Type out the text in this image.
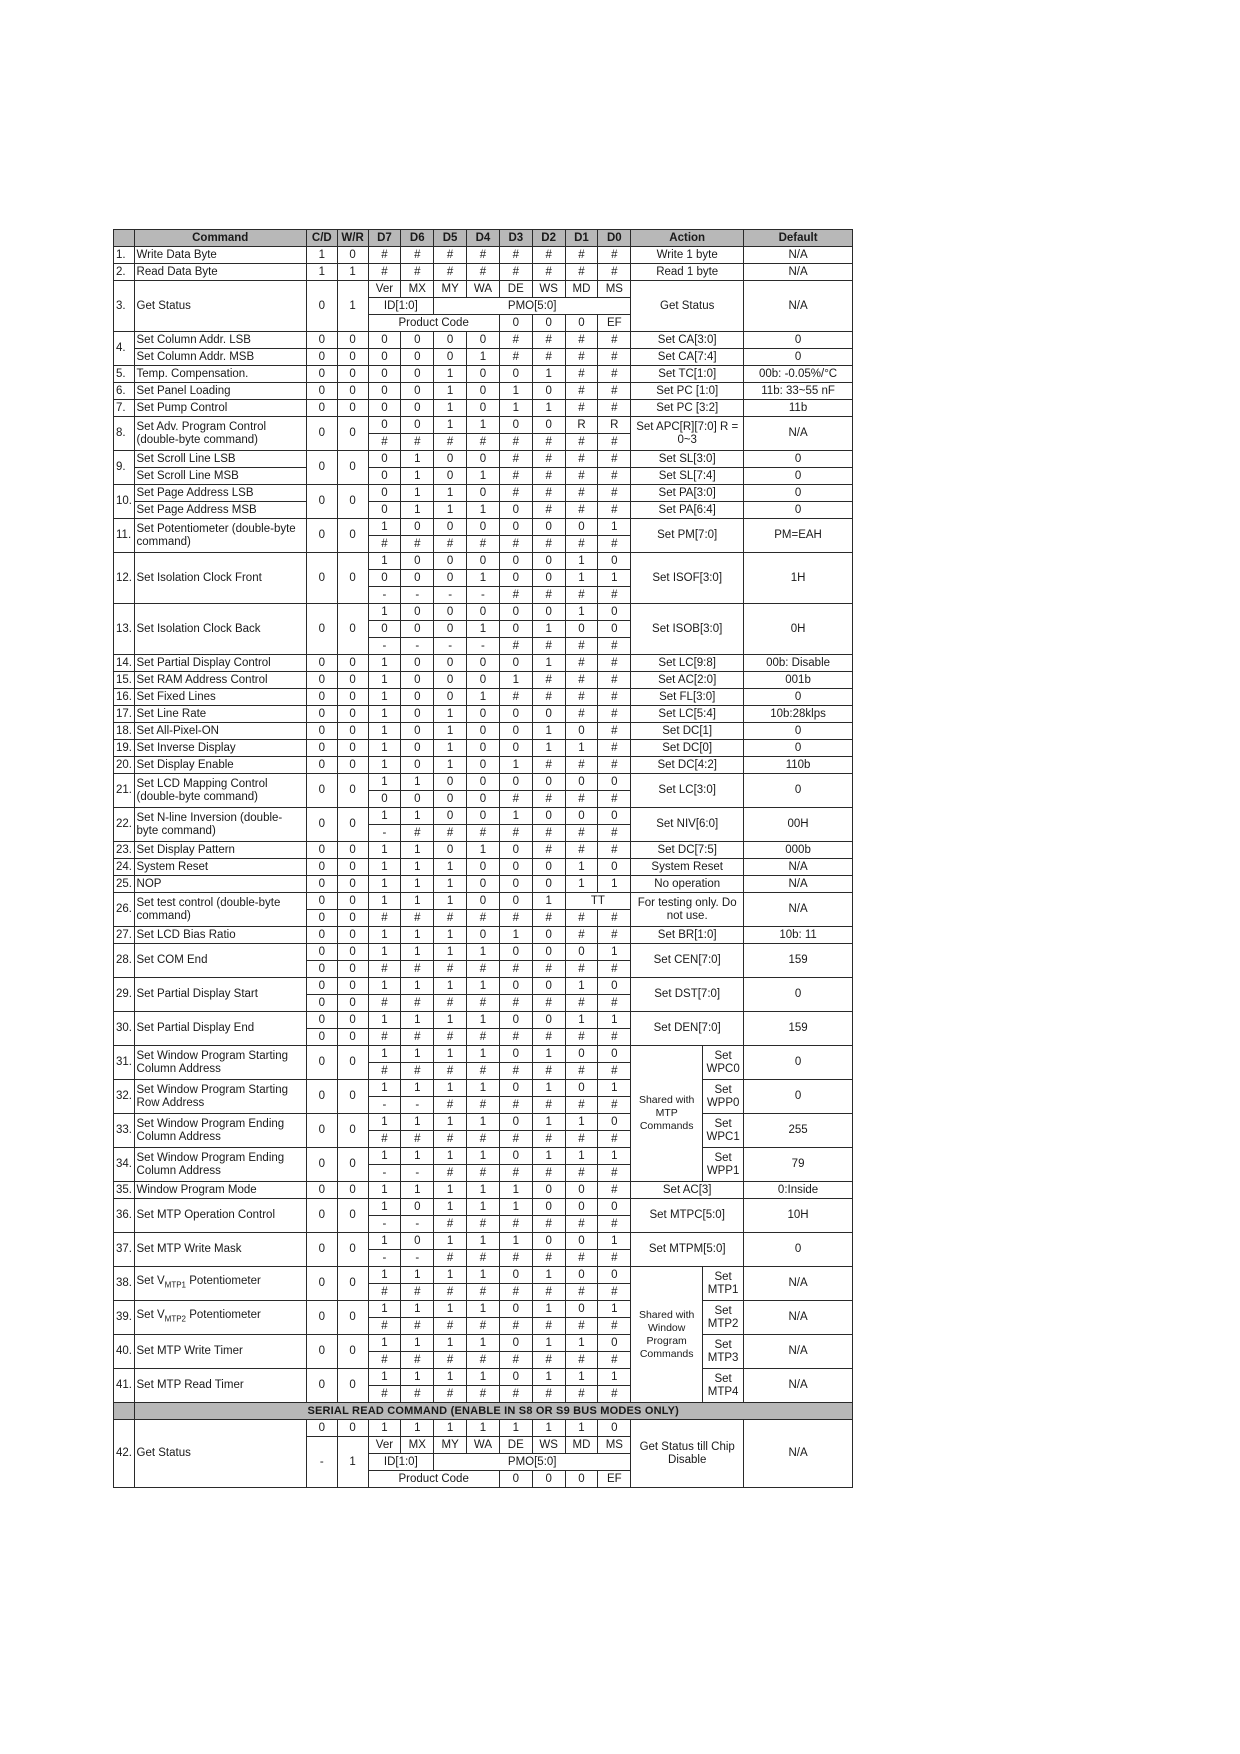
	Command	C/D	W/R	D7	D6	D5	D4	D3	D2	D1	D0	Action		Default
1.	Write Data Byte	1	0	#	#	#	#	#	#	#	#	Write 1 byte		N/A
2.	Read Data Byte	1	1	#	#	#	#	#	#	#	#	Read 1 byte		N/A
3.	Get Status	0	1	Ver	MX	MY	WA	DE	WS	MD	MS	Get Status		N/A
				ID[1:0]		PMO[5:0]								
				Product Code				0	0	0	EF			
4.	Set Column Addr. LSB	0	0	0	0	0	0	#	#	#	#	Set CA[3:0]		0
	Set Column Addr. MSB	0	0	0	0	0	1	#	#	#	#	Set CA[7:4]		0
5.	Temp. Compensation.	0	0	0	0	1	0	0	1	#	#	Set TC[1:0]		00b: -0.05%/°C
6.	Set Panel Loading	0	0	0	0	1	0	1	0	#	#	Set PC [1:0]		11b: 33~55 nF
7.	Set Pump Control	0	0	0	0	1	0	1	1	#	#	Set PC [3:2]		11b
8.	Set Adv. Program Control (double-byte command)	0	0	0	0	1	1	0	0	R	R	Set APC[R][7:0] R = 0~3		N/A
				#	#	#	#	#	#	#	#			
9.	Set Scroll Line LSB	0	0	0	1	0	0	#	#	#	#	Set SL[3:0]		0
	Set Scroll Line MSB			0	1	0	1	#	#	#	#	Set SL[7:4]		0
10.	Set Page Address LSB	0	0	0	1	1	0	#	#	#	#	Set PA[3:0]		0
	Set Page Address MSB			0	1	1	1	0	#	#	#	Set PA[6:4]		0
11.	Set Potentiometer (double-byte command)	0	0	1	0	0	0	0	0	0	1	Set PM[7:0]		PM=EAH
				#	#	#	#	#	#	#	#			
12.	Set Isolation Clock Front	0	0	1	0	0	0	0	0	1	0	Set ISOF[3:0]		1H
				0	0	0	1	0	0	1	1			
				-	-	-	-	#	#	#	#			
13.	Set Isolation Clock Back	0	0	1	0	0	0	0	0	1	0	Set ISOB[3:0]		0H
				0	0	0	1	0	1	0	0			
				-	-	-	-	#	#	#	#			
14.	Set Partial Display Control	0	0	1	0	0	0	0	1	#	#	Set LC[9:8]		00b: Disable
15.	Set RAM Address Control	0	0	1	0	0	0	1	#	#	#	Set AC[2:0]		001b
16.	Set Fixed Lines	0	0	1	0	0	1	#	#	#	#	Set FL[3:0]		0
17.	Set Line Rate	0	0	1	0	1	0	0	0	#	#	Set LC[5:4]		10b:28klps
18.	Set All-Pixel-ON	0	0	1	0	1	0	0	1	0	#	Set DC[1]		0
19.	Set Inverse Display	0	0	1	0	1	0	0	1	1	#	Set DC[0]		0
20.	Set Display Enable	0	0	1	0	1	0	1	#	#	#	Set DC[4:2]		110b
21.	Set LCD Mapping Control (double-byte command)	0	0	1	1	0	0	0	0	0	0	Set LC[3:0]		0
				0	0	0	0	#	#	#	#			
22.	Set N-line Inversion (double-byte command)	0	0	1	1	0	0	1	0	0	0	Set NIV[6:0]		00H
				-	#	#	#	#	#	#	#			
23.	Set Display Pattern	0	0	1	1	0	1	0	#	#	#	Set DC[7:5]		000b
24.	System Reset	0	0	1	1	1	0	0	0	1	0	System Reset		N/A
25.	NOP	0	0	1	1	1	0	0	0	1	1	No operation		N/A
26.	Set test control (double-byte command)	0	0	1	1	1	0	0	1	TT		For testing only. Do not use.		N/A
		0	0	#	#	#	#	#	#	#	#			
27.	Set LCD Bias Ratio	0	0	1	1	1	0	1	0	#	#	Set BR[1:0]		10b: 11
28.	Set COM End	0	0	1	1	1	1	0	0	0	1	Set CEN[7:0]		159
		0	0	#	#	#	#	#	#	#	#			
29.	Set Partial Display Start	0	0	1	1	1	1	0	0	1	0	Set DST[7:0]		0
		0	0	#	#	#	#	#	#	#	#			
30.	Set Partial Display End	0	0	1	1	1	1	0	0	1	1	Set DEN[7:0]		159
		0	0	#	#	#	#	#	#	#	#			
31.	Set Window Program Starting Column Address	0	0	1	1	1	1	0	1	0	0	Shared with MTP Commands	Set WPC0	0
				#	#	#	#	#	#	#	#			
32.	Set Window Program Starting Row Address	0	0	1	1	1	1	0	1	0	1		Set WPP0	0
				-	-	#	#	#	#	#	#			
33.	Set Window Program Ending Column Address	0	0	1	1	1	1	0	1	1	0		Set WPC1	255
				#	#	#	#	#	#	#	#			
34.	Set Window Program Ending Column Address	0	0	1	1	1	1	0	1	1	1		Set WPP1	79
				-	-	#	#	#	#	#	#			
35.	Window Program Mode	0	0	1	1	1	1	1	0	0	#	Set AC[3]		0:Inside
36.	Set MTP Operation Control	0	0	1	0	1	1	1	0	0	0	Set MTPC[5:0]		10H
				-	-	#	#	#	#	#	#			
37.	Set MTP Write Mask	0	0	1	0	1	1	1	0	0	1	Set MTPM[5:0]		0
				-	-	#	#	#	#	#	#			
38.	Set $V_{MTP1}$ Potentiometer	0	0	1	1	1	1	0	1	0	0	Shared with Window Program Commands	Set MTP1	N/A
				#	#	#	#	#	#	#	#			
39.	Set $V_{MTP2}$ Potentiometer	0	0	1	1	1	1	0	1	0	1		Set MTP2	N/A
				#	#	#	#	#	#	#	#			
40.	Set MTP Write Timer	0	0	1	1	1	1	0	1	1	0		Set MTP3	N/A
				#	#	#	#	#	#	#	#			
41.	Set MTP Read Timer	0	0	1	1	1	1	0	1	1	1		Set MTP4	N/A
				#	#	#	#	#	#	#	#			
	SERIAL READ COMMAND (ENABLE IN S8 OR S9 BUS MODES ONLY)													
42.	Get Status	0	0	1	1	1	1	1	1	1	0	Get Status till Chip Disable		N/A
		-	1	Ver	MX	MY	WA	DE	WS	MD	MS			
				ID[1:0]		PMO[5:0]								
				Product Code				0	0	0	EF			
